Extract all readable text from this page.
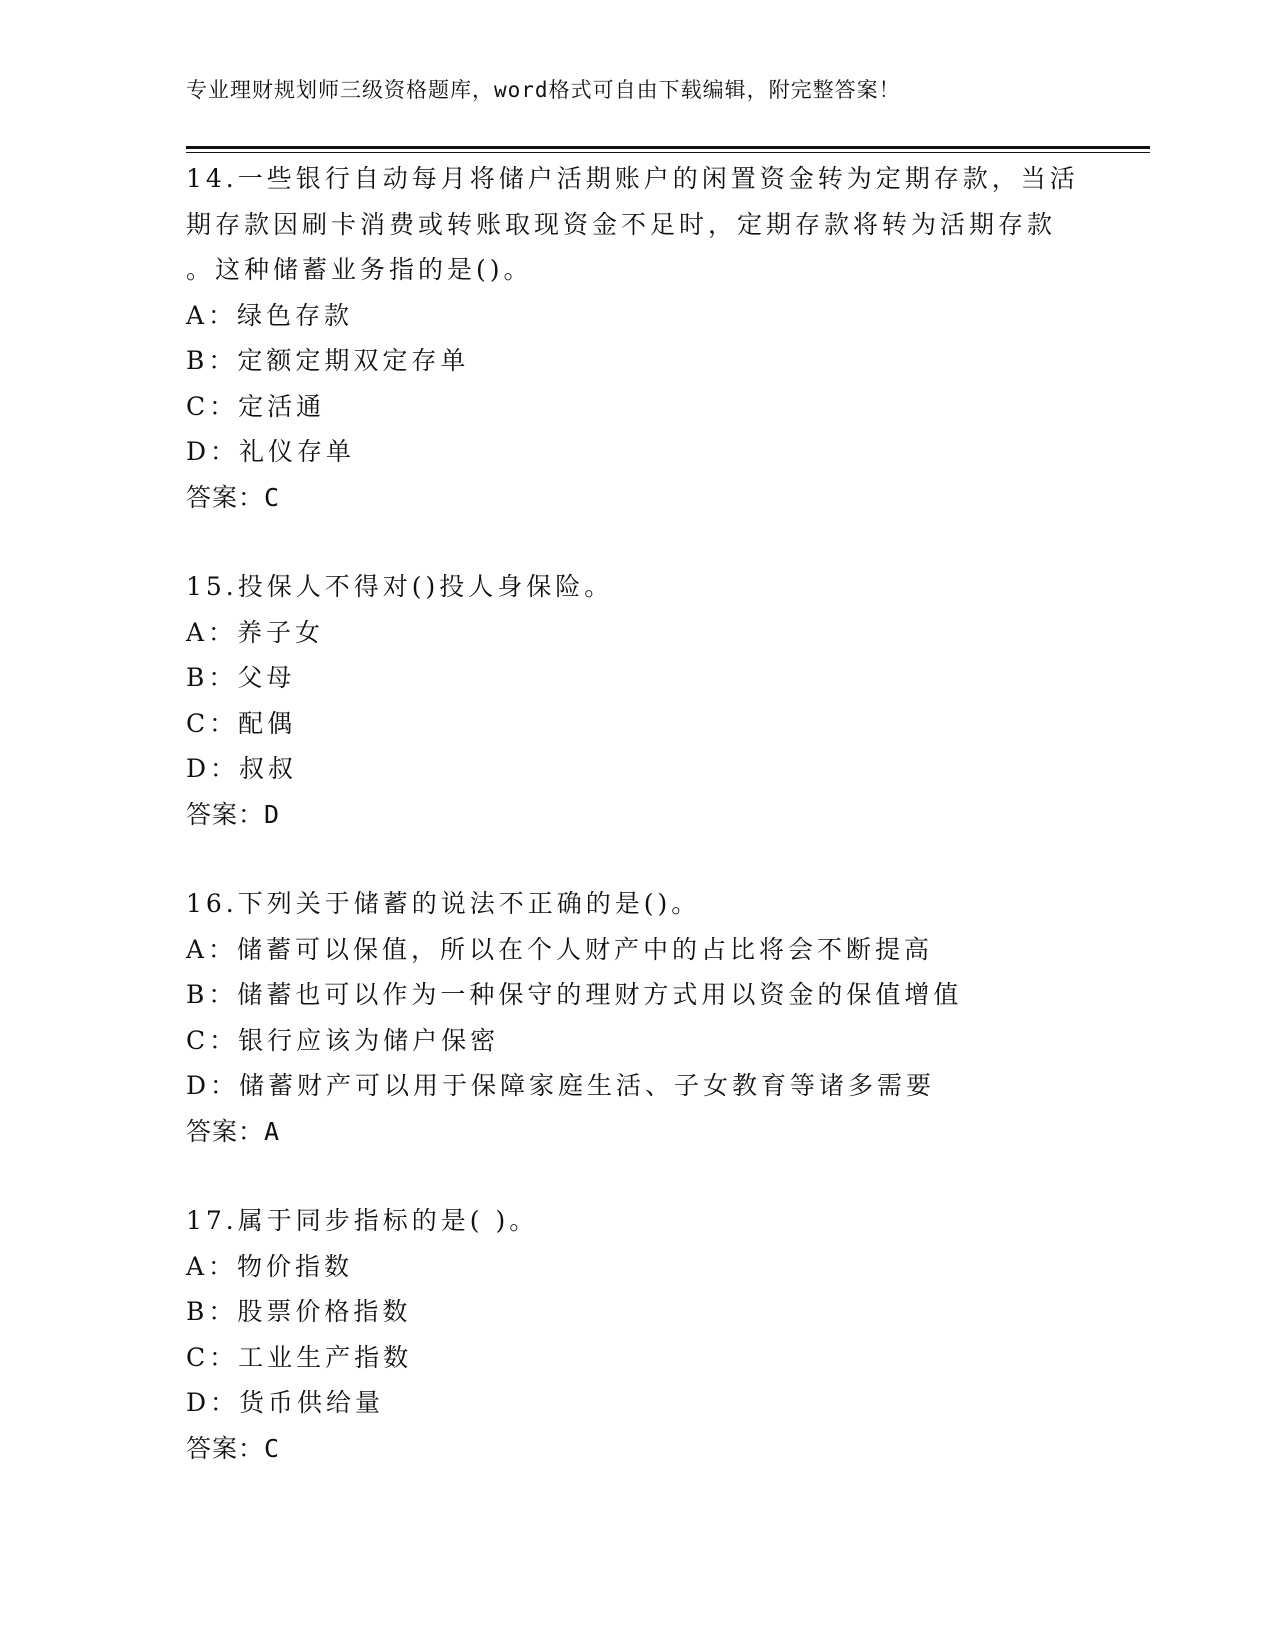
专业理财规划师三级资格题库，word格式可自由下载编辑，附完整答案！
14.一些银行自动每月将储户活期账户的闲置资金转为定期存款，当活
期存款因刷卡消费或转账取现资金不足时，定期存款将转为活期存款
。这种储蓄业务指的是()。
A：绿色存款
B：定额定期双定存单
C：定活通
D：礼仪存单
答案：C
15.投保人不得对()投人身保险。
A：养子女
B：父母
C：配偶
D：叔叔
答案：D
16.下列关于储蓄的说法不正确的是()。
A：储蓄可以保值，所以在个人财产中的占比将会不断提高
B：储蓄也可以作为一种保守的理财方式用以资金的保值增值
C：银行应该为储户保密
D：储蓄财产可以用于保障家庭生活、子女教育等诸多需要
答案：A
17.属于同步指标的是( )。
A：物价指数
B：股票价格指数
C：工业生产指数
D：货币供给量
答案：C
